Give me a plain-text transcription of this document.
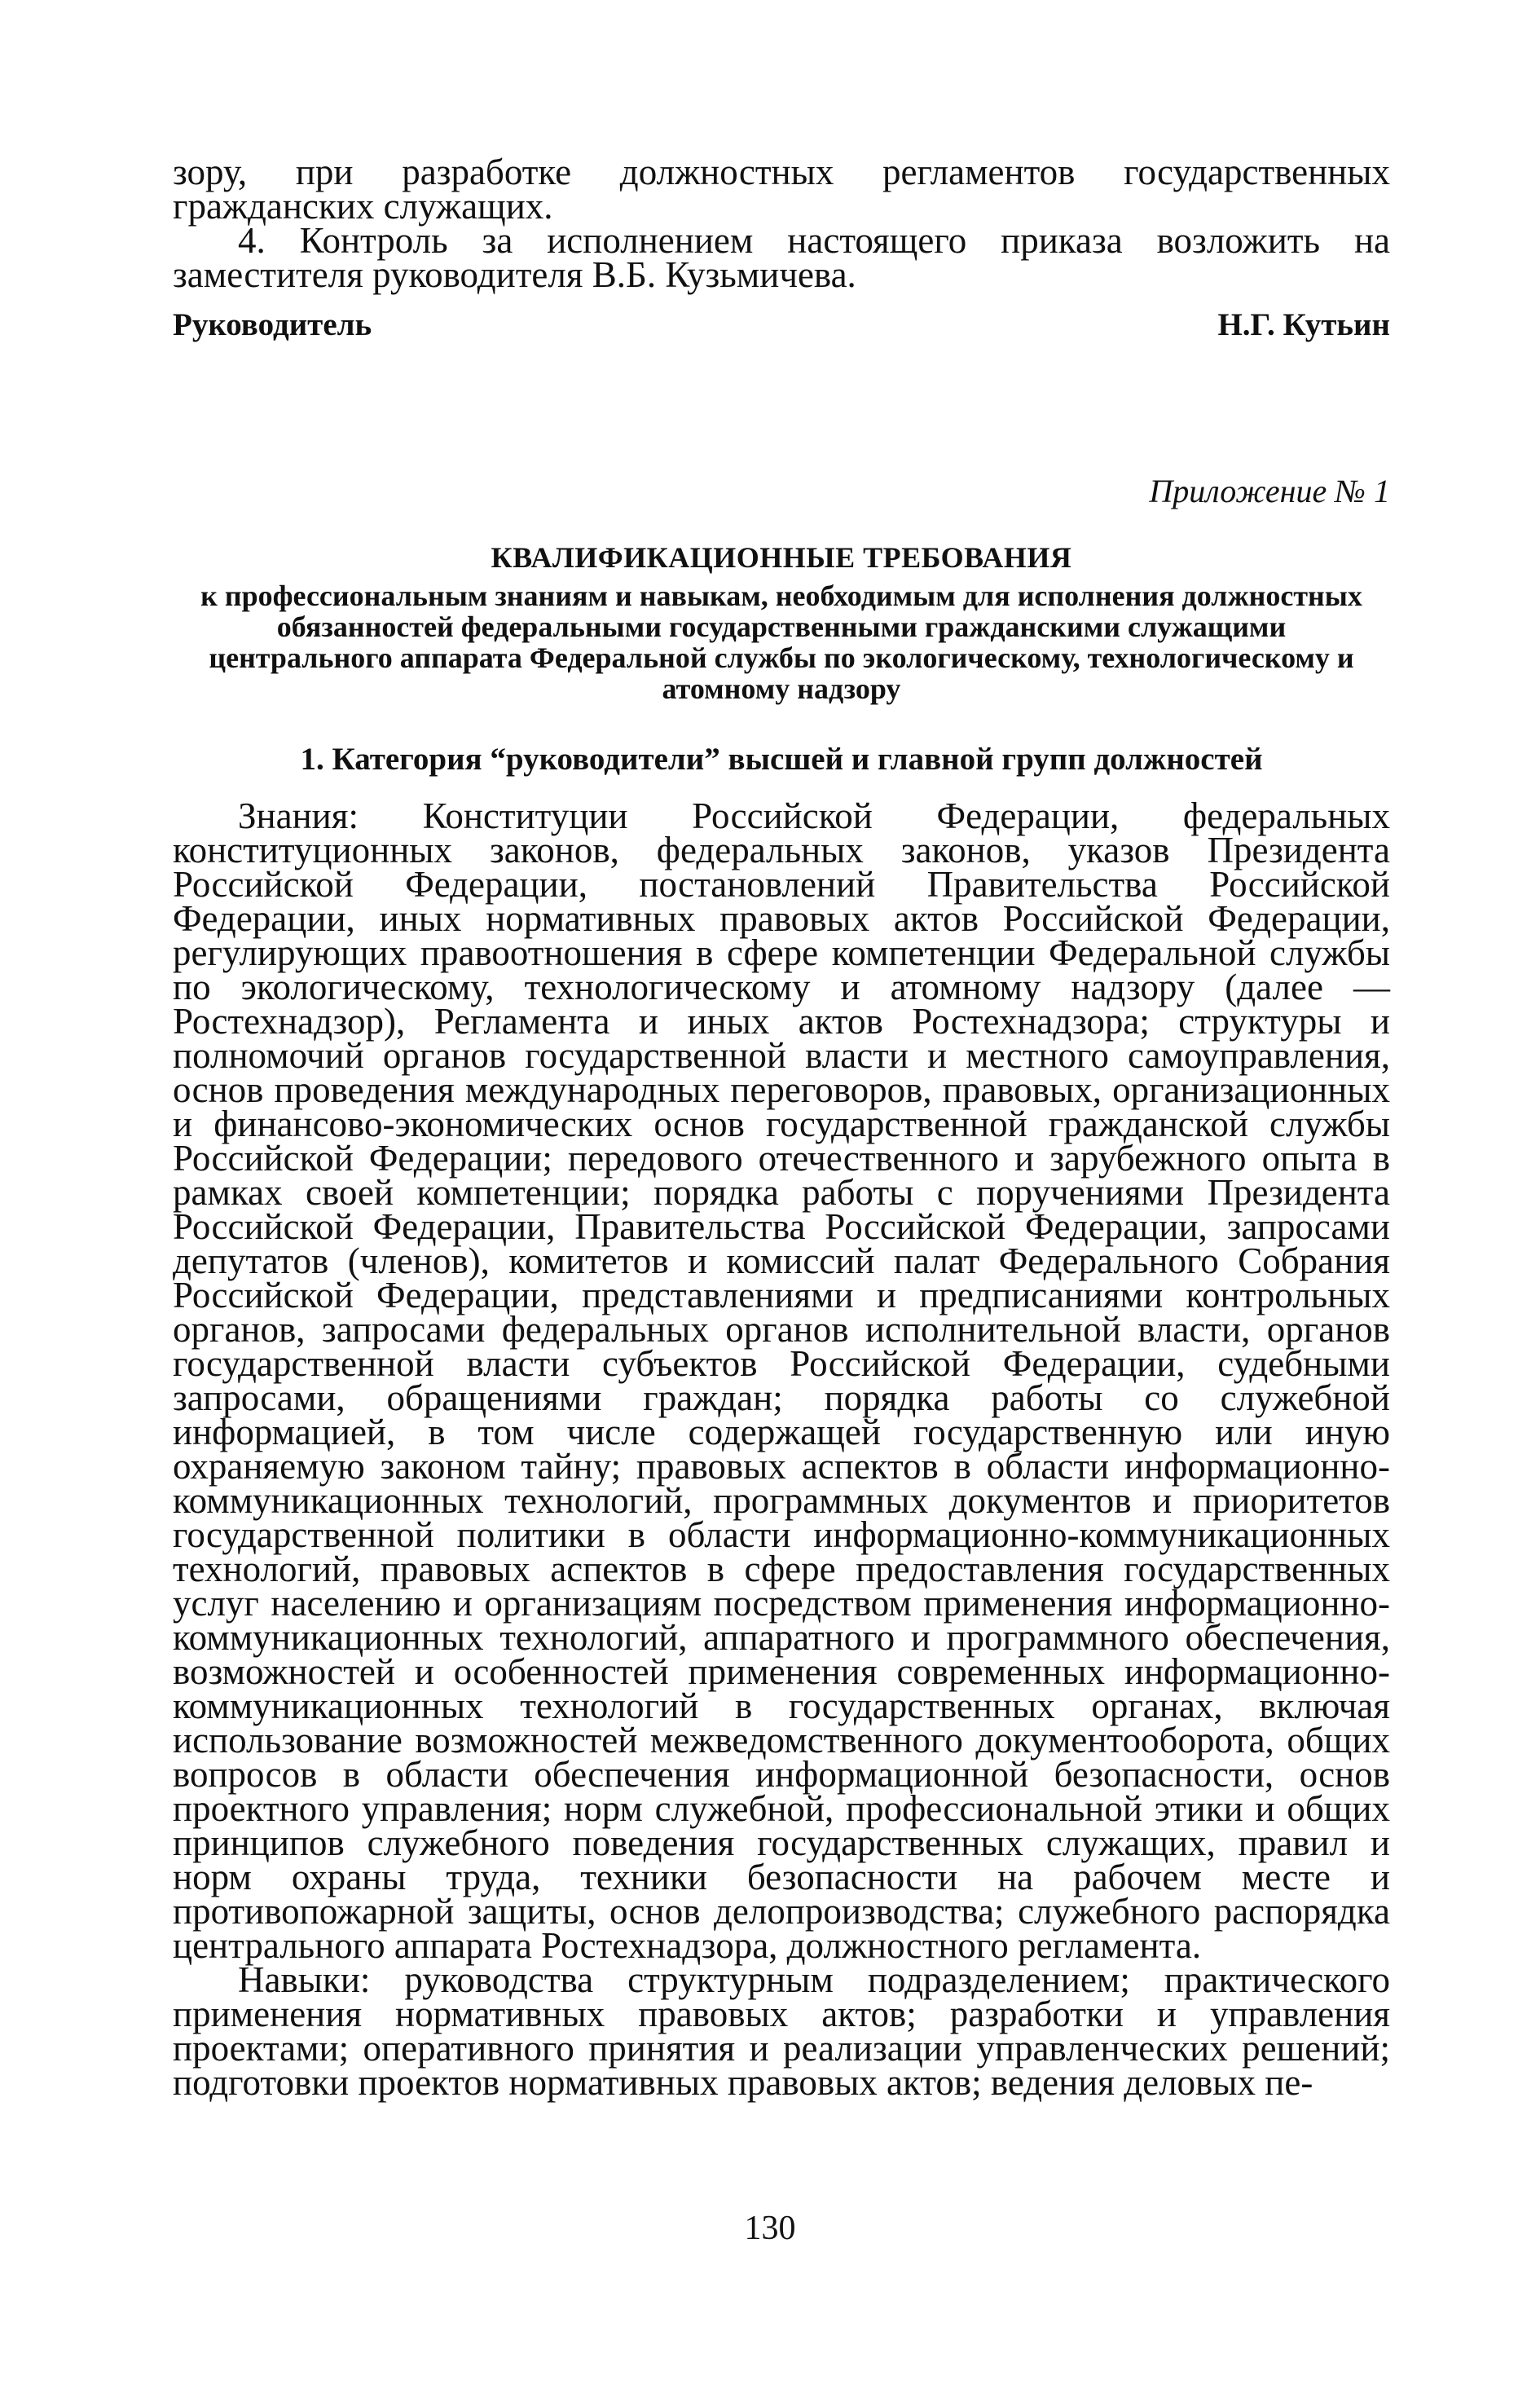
зору, при разработке должностных регламентов государственных гражданских служащих.

4. Контроль за исполнением настоящего приказа возложить на заместителя руководителя В.Б. Кузьмичева.

Руководитель	Н.Г. Кутьин
Приложение № 1
КВАЛИФИКАЦИОННЫЕ ТРЕБОВАНИЯ
к профессиональным знаниям и навыкам, необходимым для исполнения должностных обязанностей федеральными государственными гражданскими служащими центрального аппарата Федеральной службы по экологическому, технологическому и атомному надзору
1. Категория “руководители” высшей и главной групп должностей

Знания: Конституции Российской Федерации, федеральных конституционных законов, федеральных законов, указов Президента Российской Федерации, постановлений Правительства Российской Федерации, иных нормативных правовых актов Российской Федерации, регулирующих правоотношения в сфере компетенции Федеральной службы по экологическому, технологическому и атомному надзору (далее — Ростехнадзор), Регламента и иных актов Ростехнадзора; структуры и полномочий органов государственной власти и местного самоуправления, основ проведения международных переговоров, правовых, организационных и финансово-экономических основ государственной гражданской службы Российской Федерации; передового отечественного и зарубежного опыта в рамках своей компетенции; порядка работы с поручениями Президента Российской Федерации, Правительства Российской Федерации, запросами депутатов (членов), комитетов и комиссий палат Федерального Собрания Российской Федерации, представлениями и предписаниями контрольных органов, запросами федеральных органов исполнительной власти, органов государственной власти субъектов Российской Федерации, судебными запросами, обращениями граждан; порядка работы со служебной информацией, в том числе содержащей государственную или иную охраняемую законом тайну; правовых аспектов в области информационно-коммуникационных технологий, программных документов и приоритетов государственной политики в области информационно-коммуникационных технологий, правовых аспектов в сфере предоставления государственных услуг населению и организациям посредством применения информационно-коммуникационных технологий, аппаратного и программного обеспечения, возможностей и особенностей применения современных информационно-коммуникационных технологий в государственных органах, включая использование возможностей межведомственного документооборота, общих вопросов в области обеспечения информационной безопасности, основ проектного управления; норм служебной, профессиональной этики и общих принципов служебного поведения государственных служащих, правил и норм охраны труда, техники безопасности на рабочем месте и противопожарной защиты, основ делопроизводства; служебного распорядка центрального аппарата Ростехнадзора, должностного регламента.

Навыки: руководства структурным подразделением; практического применения нормативных правовых актов; разработки и управления проектами; оперативного принятия и реализации управленческих решений; подготовки проектов нормативных правовых актов; ведения деловых пе-

130
